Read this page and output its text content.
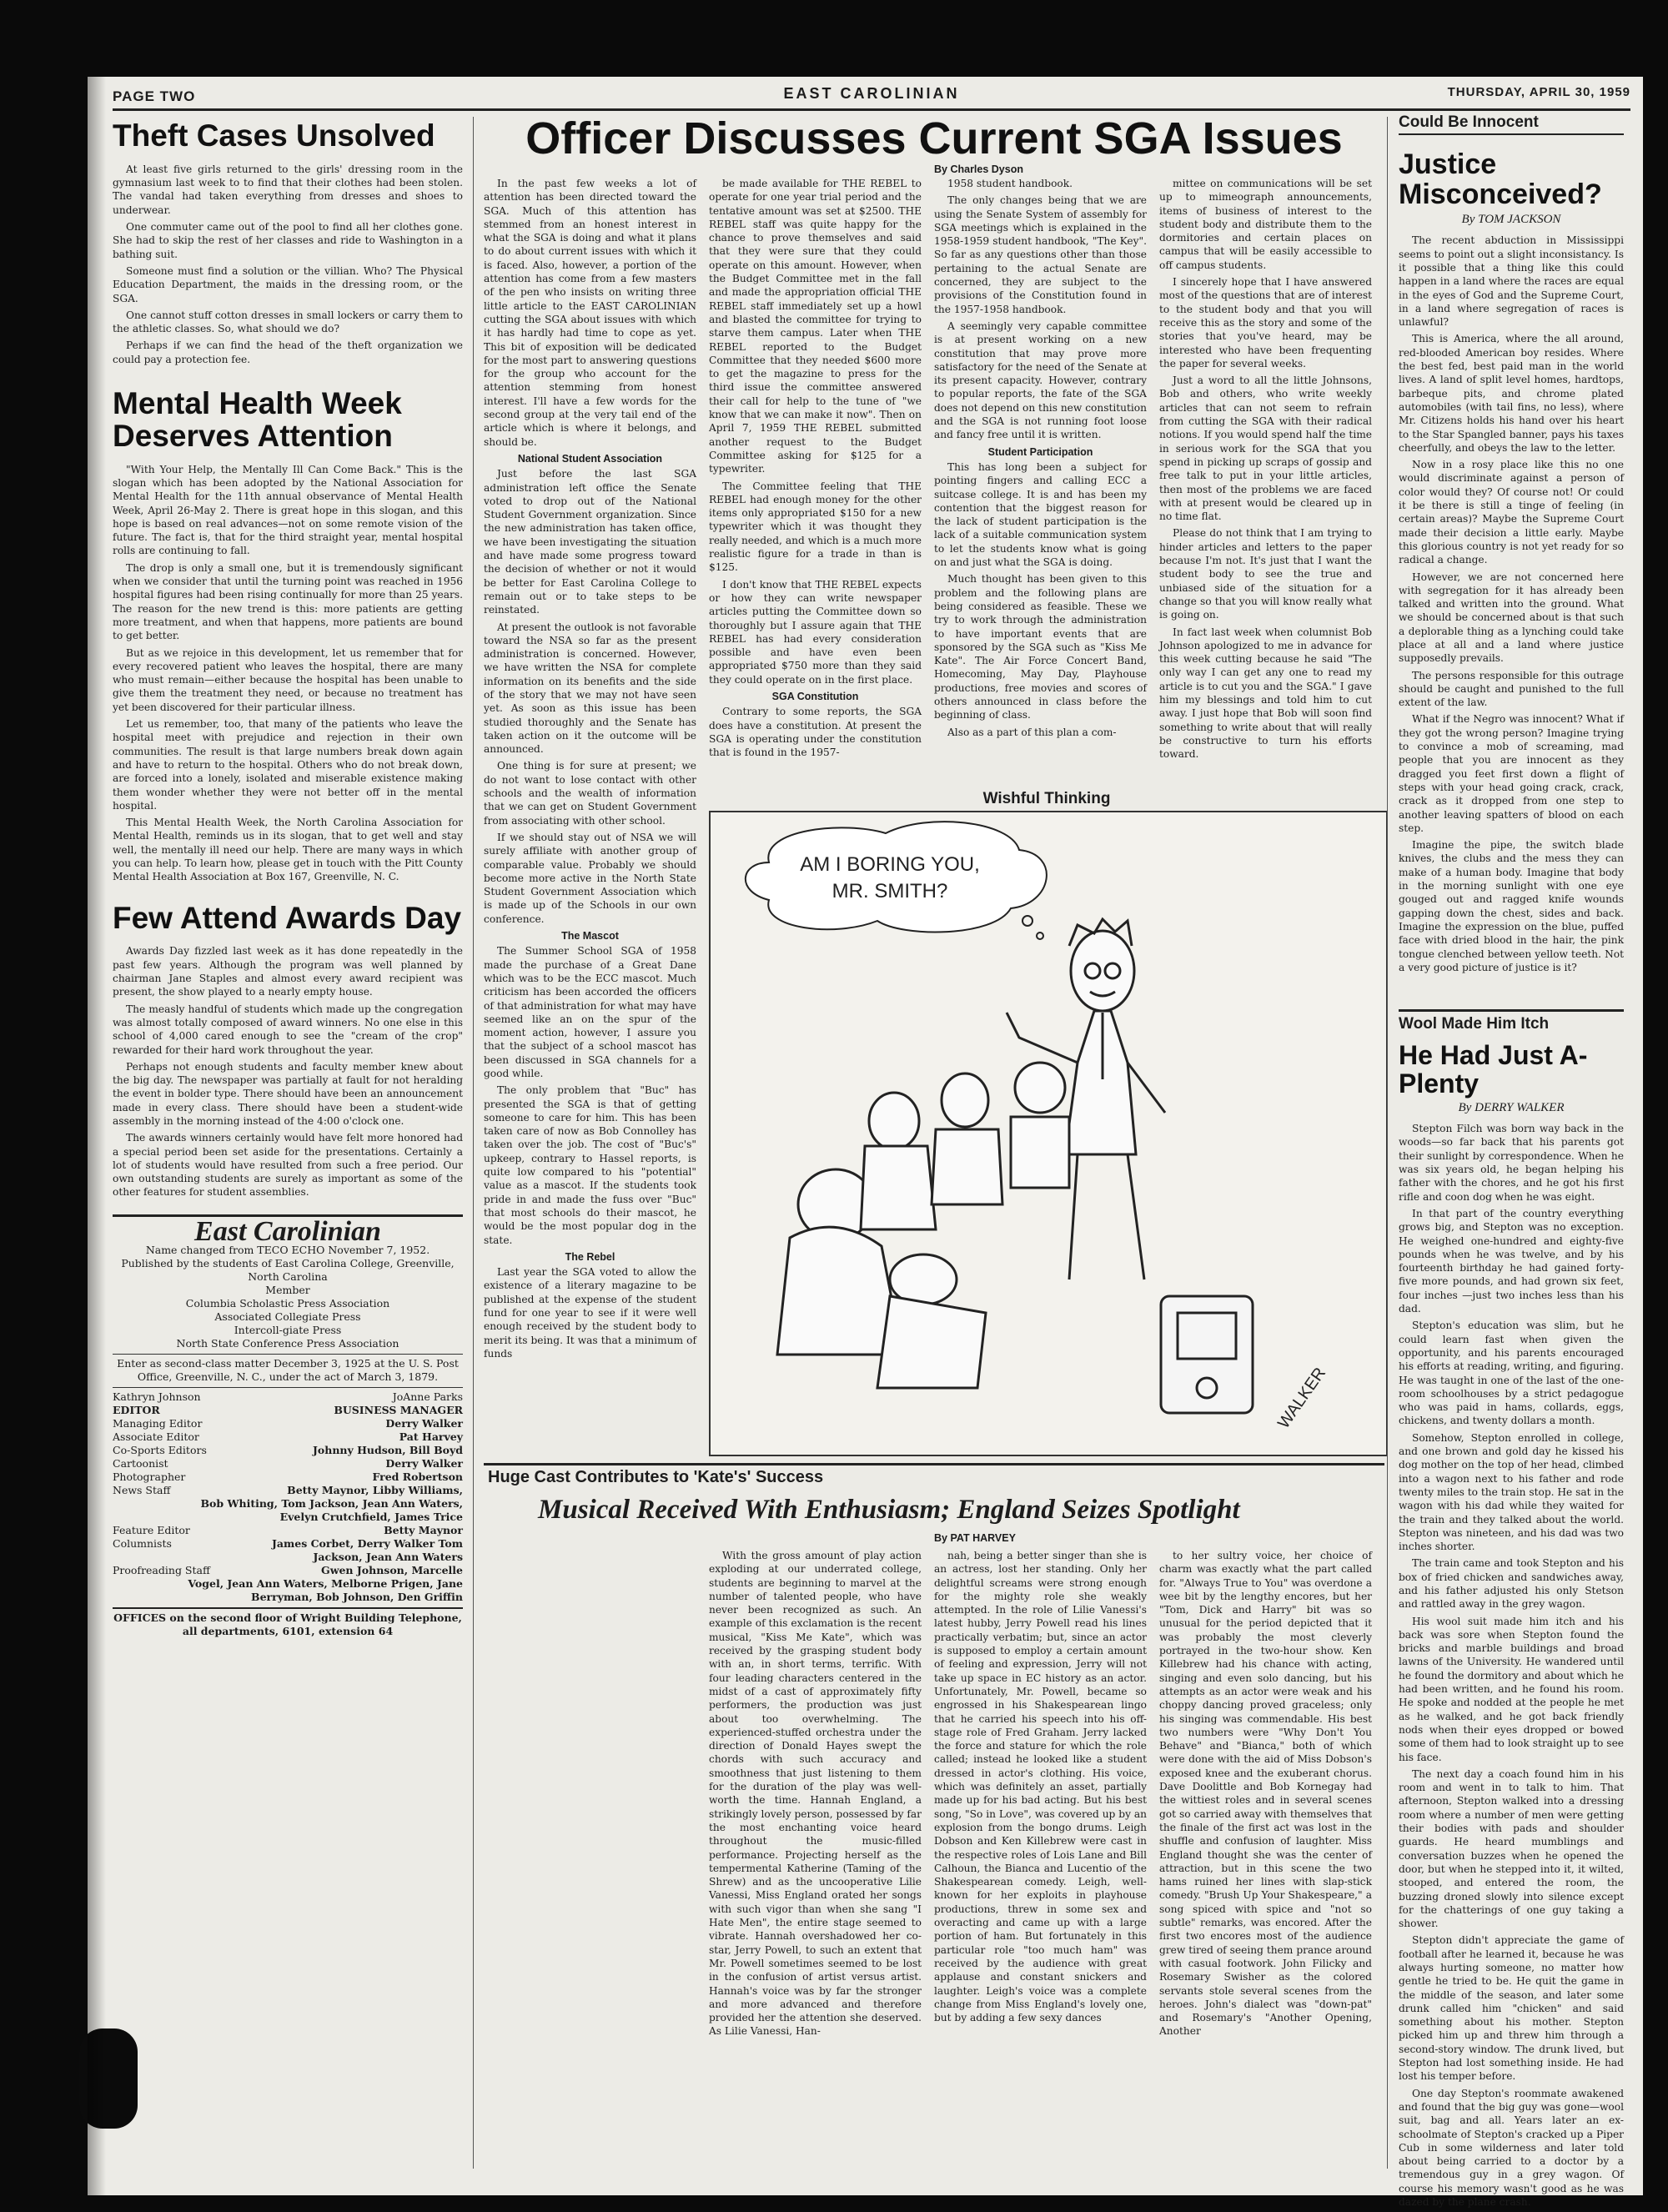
PAGE TWO	EAST CAROLINIAN	THURSDAY, APRIL 30, 1959
Theft Cases Unsolved

At least five girls returned to the girls' dressing room in the gymnasium last week to to find that their clothes had been stolen. The vandal had taken everything from dresses and shoes to underwear.

One commuter came out of the pool to find all her clothes gone. She had to skip the rest of her classes and ride to Washington in a bathing suit.

Someone must find a solution or the villian. Who? The Physical Education Department, the maids in the dressing room, or the SGA.

One cannot stuff cotton dresses in small lockers or carry them to the athletic classes. So, what should we do?

Perhaps if we can find the head of the theft organization we could pay a protection fee.

Mental Health Week Deserves Attention

"With Your Help, the Mentally Ill Can Come Back." This is the slogan which has been adopted by the National Association for Mental Health for the 11th annual observance of Mental Health Week, April 26-May 2. There is great hope in this slogan, and this hope is based on real advances—not on some remote vision of the future. The fact is, that for the third straight year, mental hospital rolls are continuing to fall.

The drop is only a small one, but it is tremendously significant when we consider that until the turning point was reached in 1956 hospital figures had been rising continually for more than 25 years. The reason for the new trend is this: more patients are getting more treatment, and when that happens, more patients are bound to get better.

But as we rejoice in this development, let us remember that for every recovered patient who leaves the hospital, there are many who must remain—either because the hospital has been unable to give them the treatment they need, or because no treatment has yet been discovered for their particular illness.

Let us remember, too, that many of the patients who leave the hospital meet with prejudice and rejection in their own communities. The result is that large numbers break down again and have to return to the hospital. Others who do not break down, are forced into a lonely, isolated and miserable existence making them wonder whether they were not better off in the mental hospital.

This Mental Health Week, the North Carolina Association for Mental Health, reminds us in its slogan, that to get well and stay well, the mentally ill need our help. There are many ways in which you can help. To learn how, please get in touch with the Pitt County Mental Health Association at Box 167, Greenville, N. C.

Few Attend Awards Day

Awards Day fizzled last week as it has done repeatedly in the past few years. Although the program was well planned by chairman Jane Staples and almost every award recipient was present, the show played to a nearly empty house.

The measly handful of students which made up the congregation was almost totally composed of award winners. No one else in this school of 4,000 cared enough to see the "cream of the crop" rewarded for their hard work throughout the year.

Perhaps not enough students and faculty member knew about the big day. The newspaper was partially at fault for not heralding the event in bolder type. There should have been an announcement made in every class. There should have been a student-wide assembly in the morning instead of the 4:00 o'clock one.

The awards winners certainly would have felt more honored had a special period been set aside for the presentations. Certainly a lot of students would have resulted from such a free period. Our own outstanding students are surely as important as some of the other features for student assemblies.

East Carolinian

Name changed from TECO ECHO November 7, 1952.

Published by the students of East Carolina College, Greenville, North Carolina

Member

Columbia Scholastic Press Association

Associated Collegiate Press

Intercoll-giate Press

North State Conference Press Association

Enter as second-class matter December 3, 1925 at the U. S. Post Office, Greenville, N. C., under the act of March 3, 1879.

Kathryn Johnson	JoAnne Parks
EDITOR	BUSINESS MANAGER
Managing Editor	Derry Walker
Associate Editor	Pat Harvey
Co-Sports Editors	Johnny Hudson, Bill Boyd
Cartoonist	Derry Walker
Photographer	Fred Robertson
News Staff	Betty Maynor, Libby Williams,
Bob Whiting, Tom Jackson, Jean Ann Waters,
Evelyn Crutchfield, James Trice
Feature Editor	Betty Maynor
Columnists	James Corbet, Derry Walker Tom
Jackson, Jean Ann Waters
Proofreading Staff	Gwen Johnson, Marcelle
Vogel, Jean Ann Waters, Melborne Prigen, Jane
Berryman, Bob Johnson, Den Griffin

OFFICES on the second floor of Wright Building Telephone, all departments, 6101, extension 64

Officer Discusses Current SGA Issues
By Charles Dyson

In the past few weeks a lot of attention has been directed toward the SGA. Much of this attention has stemmed from an honest interest in what the SGA is doing and what it plans to do about current issues with which it is faced. Also, however, a portion of the attention has come from a few masters of the pen who insists on writing three little article to the EAST CAROLINIAN cutting the SGA about issues with which it has hardly had time to cope as yet. This bit of exposition will be dedicated for the most part to answering questions for the group who account for the attention stemming from honest interest. I'll have a few words for the second group at the very tail end of the article which is where it belongs, and should be.

National Student Association

Just before the last SGA administration left office the Senate voted to drop out of the National Student Government organization. Since the new administration has taken office, we have been investigating the situation and have made some progress toward the decision of whether or not it would be better for East Carolina College to remain out or to take steps to be reinstated.

At present the outlook is not favorable toward the NSA so far as the present administration is concerned. However, we have written the NSA for complete information on its benefits and the side of the story that we may not have seen yet. As soon as this issue has been studied thoroughly and the Senate has taken action on it the outcome will be announced.

One thing is for sure at present; we do not want to lose contact with other schools and the wealth of information that we can get on Student Government from associating with other school.

If we should stay out of NSA we will surely affiliate with another group of comparable value. Probably we should become more active in the North State Student Government Association which is made up of the Schools in our own conference.

The Mascot

The Summer School SGA of 1958 made the purchase of a Great Dane which was to be the ECC mascot. Much criticism has been accorded the officers of that administration for what may have seemed like an on the spur of the moment action, however, I assure you that the subject of a school mascot has been discussed in SGA channels for a good while.

The only problem that "Buc" has presented the SGA is that of getting someone to care for him. This has been taken care of now as Bob Connolley has taken over the job. The cost of "Buc's" upkeep, contrary to Hassel reports, is quite low compared to his "potential" value as a mascot. If the students took pride in and made the fuss over "Buc" that most schools do their mascot, he would be the most popular dog in the state.

The Rebel

Last year the SGA voted to allow the existence of a literary magazine to be published at the expense of the student fund for one year to see if it were well enough received by the student body to merit its being. It was that a minimum of funds

be made available for THE REBEL to operate for one year trial period and the tentative amount was set at $2500. THE REBEL staff was quite happy for the chance to prove themselves and said that they were sure that they could operate on this amount. However, when the Budget Committee met in the fall and made the appropriation official THE REBEL staff immediately set up a howl and blasted the committee for trying to starve them campus. Later when THE REBEL reported to the Budget Committee that they needed $600 more to get the magazine to press for the third issue the committee answered their call for help to the tune of "we know that we can make it now". Then on April 7, 1959 THE REBEL submitted another request to the Budget Committee asking for $125 for a typewriter.

The Committee feeling that THE REBEL had enough money for the other items only appropriated $150 for a new typewriter which it was thought they really needed, and which is a much more realistic figure for a trade in than is $125.

I don't know that THE REBEL expects or how they can write newspaper articles putting the Committee down so thoroughly but I assure again that THE REBEL has had every consideration possible and have even been appropriated $750 more than they said they could operate on in the first place.

SGA Constitution

Contrary to some reports, the SGA does have a constitution. At present the SGA is operating under the constitution that is found in the 1957-

1958 student handbook.

The only changes being that we are using the Senate System of assembly for SGA meetings which is explained in the 1958-1959 student handbook, "The Key". So far as any questions other than those pertaining to the actual Senate are concerned, they are subject to the provisions of the Constitution found in the 1957-1958 handbook.

A seemingly very capable committee is at present working on a new constitution that may prove more satisfactory for the need of the Senate at its present capacity. However, contrary to popular reports, the fate of the SGA does not depend on this new constitution and the SGA is not running foot loose and fancy free until it is written.

Student Participation

This has long been a subject for pointing fingers and calling ECC a suitcase college. It is and has been my contention that the biggest reason for the lack of student participation is the lack of a suitable communication system to let the students know what is going on and just what the SGA is doing.

Much thought has been given to this problem and the following plans are being considered as feasible. These we try to work through the administration to have important events that are sponsored by the SGA such as "Kiss Me Kate". The Air Force Concert Band, Homecoming, May Day, Playhouse productions, free movies and scores of others announced in class before the beginning of class.

Also as a part of this plan a com-

mittee on communications will be set up to mimeograph announcements, items of business of interest to the student body and distribute them to the dormitories and certain places on campus that will be easily accessible to off campus students.

I sincerely hope that I have answered most of the questions that are of interest to the student body and that you will receive this as the story and some of the stories that you've heard, may be interested who have been frequenting the paper for several weeks.

Just a word to all the little Johnsons, Bob and others, who write weekly articles that can not seem to refrain from cutting the SGA with their radical notions. If you would spend half the time in serious work for the SGA that you spend in picking up scraps of gossip and free talk to put in your little articles, then most of the problems we are faced with at present would be cleared up in no time flat.

Please do not think that I am trying to hinder articles and letters to the paper because I'm not. It's just that I want the student body to see the true and unbiased side of the situation for a change so that you will know really what is going on.

In fact last week when columnist Bob Johnson apologized to me in advance for this week cutting because he said "The only way I can get any one to read my article is to cut you and the SGA." I gave him my blessings and told him to cut away. I just hope that Bob will soon find something to write about that will really be constructive to turn his efforts toward.

Wishful Thinking
AM I BORING YOU,
MR. SMITH?
WALKER
Huge Cast Contributes to 'Kate's' Success
Musical Received With Enthusiasm; England Seizes Spotlight
By PAT HARVEY

With the gross amount of play action exploding at our underrated college, students are beginning to marvel at the number of talented people, who have never been recognized as such. An example of this exclamation is the recent musical, "Kiss Me Kate", which was received by the grasping student body with an, in short terms, terrific. With four leading characters centered in the midst of a cast of approximately fifty performers, the production was just about too overwhelming. The experienced-stuffed orchestra under the direction of Donald Hayes swept the chords with such accuracy and smoothness that just listening to them for the duration of the play was well-worth the time. Hannah England, a strikingly lovely person, possessed by far the most enchanting voice heard throughout the music-filled performance. Projecting herself as the tempermental Katherine (Taming of the Shrew) and as the uncooperative Lilie Vanessi, Miss England orated her songs with such vigor than when she sang "I Hate Men", the entire stage seemed to vibrate. Hannah overshadowed her co-star, Jerry Powell, to such an extent that Mr. Powell sometimes seemed to be lost in the confusion of artist versus artist. Hannah's voice was by far the stronger and more advanced and therefore provided her the attention she deserved. As Lilie Vanessi, Han-

nah, being a better singer than she is an actress, lost her standing. Only her delightful screams were strong enough for the mighty role she weakly attempted. In the role of Lilie Vanessi's latest hubby, Jerry Powell read his lines practically verbatim; but, since an actor is supposed to employ a certain amount of feeling and expression, Jerry will not take up space in EC history as an actor. Unfortunately, Mr. Powell, became so engrossed in his Shakespearean lingo that he carried his speech into his off-stage role of Fred Graham. Jerry lacked the force and stature for which the role called; instead he looked like a student dressed in actor's clothing. His voice, which was definitely an asset, partially made up for his bad acting. But his best song, "So in Love", was covered up by an explosion from the bongo drums. Leigh Dobson and Ken Killebrew were cast in the respective roles of Lois Lane and Bill Calhoun, the Bianca and Lucentio of the Shakespearean comedy. Leigh, well-known for her exploits in playhouse productions, threw in some sex and overacting and came up with a large portion of ham. But fortunately in this particular role "too much ham" was received by the audience with great applause and constant snickers and laughter. Leigh's voice was a complete change from Miss England's lovely one, but by adding a few sexy dances

to her sultry voice, her choice of charm was exactly what the part called for. "Always True to You" was overdone a wee bit by the lengthy encores, but her "Tom, Dick and Harry" bit was so unusual for the period depicted that it was probably the most cleverly portrayed in the two-hour show. Ken Killebrew had his chance with acting, singing and even solo dancing, but his attempts as an actor were weak and his choppy dancing proved graceless; only his singing was commendable. His best two numbers were "Why Don't You Behave" and "Bianca," both of which were done with the aid of Miss Dobson's exposed knee and the exuberant chorus. Dave Doolittle and Bob Kornegay had the wittiest roles and in several scenes got so carried away with themselves that the finale of the first act was lost in the shuffle and confusion of laughter. Miss England thought she was the center of attraction, but in this scene the two hams ruined her lines with slap-stick comedy. "Brush Up Your Shakespeare," a song spiced with spice and "not so subtle" remarks, was encored. After the first two encores most of the audience grew tired of seeing them prance around with casual footwork. John Filicky and Rosemary Swisher as the colored servants stole several scenes from the heroes. John's dialect was "down-pat" and Rosemary's "Another Opening, Another

Could Be Innocent
Justice Misconceived?
By TOM JACKSON

The recent abduction in Mississippi seems to point out a slight inconsistancy. Is it possible that a thing like this could happen in a land where the races are equal in the eyes of God and the Supreme Court, in a land where segregation of races is unlawful?

This is America, where the all around, red-blooded American boy resides. Where the best fed, best paid man in the world lives. A land of split level homes, hardtops, barbeque pits, and chrome plated automobiles (with tail fins, no less), where Mr. Citizens holds his hand over his heart to the Star Spangled banner, pays his taxes cheerfully, and obeys the law to the letter.

Now in a rosy place like this no one would discriminate against a person of color would they? Of course not! Or could it be there is still a tinge of feeling (in certain areas)? Maybe the Supreme Court made their decision a little early. Maybe this glorious country is not yet ready for so radical a change.

However, we are not concerned here with segregation for it has already been talked and written into the ground. What we should be concerned about is that such a deplorable thing as a lynching could take place at all and a land where justice supposedly prevails.

The persons responsible for this outrage should be caught and punished to the full extent of the law.

What if the Negro was innocent? What if they got the wrong person? Imagine trying to convince a mob of screaming, mad people that you are innocent as they dragged you feet first down a flight of steps with your head going crack, crack, crack as it dropped from one step to another leaving spatters of blood on each step.

Imagine the pipe, the switch blade knives, the clubs and the mess they can make of a human body. Imagine that body in the morning sunlight with one eye gouged out and ragged knife wounds gapping down the chest, sides and back. Imagine the expression on the blue, puffed face with dried blood in the hair, the pink tongue clenched between yellow teeth. Not a very good picture of justice is it?

Wool Made Him Itch
He Had Just A-Plenty
By DERRY WALKER

Stepton Filch was born way back in the woods—so far back that his parents got their sunlight by correspondence. When he was six years old, he began helping his father with the chores, and he got his first rifle and coon dog when he was eight.

In that part of the country everything grows big, and Stepton was no exception. He weighed one-hundred and eighty-five pounds when he was twelve, and by his fourteenth birthday he had gained forty-five more pounds, and had grown six feet, four inches —just two inches less than his dad.

Stepton's education was slim, but he could learn fast when given the opportunity, and his parents encouraged his efforts at reading, writing, and figuring. He was taught in one of the last of the one-room schoolhouses by a strict pedagogue who was paid in hams, collards, eggs, chickens, and twenty dollars a month.

Somehow, Stepton enrolled in college, and one brown and gold day he kissed his dog mother on the top of her head, climbed into a wagon next to his father and rode twenty miles to the train stop. He sat in the wagon with his dad while they waited for the train and they talked about the world. Stepton was nineteen, and his dad was two inches shorter.

The train came and took Stepton and his box of fried chicken and sandwiches away, and his father adjusted his only Stetson and rattled away in the grey wagon.

His wool suit made him itch and his back was sore when Stepton found the bricks and marble buildings and broad lawns of the University. He wandered until he found the dormitory and about which he had been written, and he found his room. He spoke and nodded at the people he met as he walked, and he got back friendly nods when their eyes dropped or bowed some of them had to look straight up to see his face.

The next day a coach found him in his room and went in to talk to him. That afternoon, Stepton walked into a dressing room where a number of men were getting their bodies with pads and shoulder guards. He heard mumblings and conversation buzzes when he opened the door, but when he stepped into it, it wilted, stooped, and entered the room, the buzzing droned slowly into silence except for the chatterings of one guy taking a shower.

Stepton didn't appreciate the game of football after he learned it, because he was always hurting someone, no matter how gentle he tried to be. He quit the game in the middle of the season, and later some drunk called him "chicken" and said something about his mother. Stepton picked him up and threw him through a second-story window. The drunk lived, but Stepton had lost something inside. He had lost his temper before.

One day Stepton's roommate awakened and found that the big guy was gone—wool suit, bag and all. Years later an ex-schoolmate of Stepton's cracked up a Piper Cub in some wilderness and later told about being carried to a doctor by a tremendous guy in a grey wagon. Of course his memory wasn't good as he was dazed by the plane crash.
